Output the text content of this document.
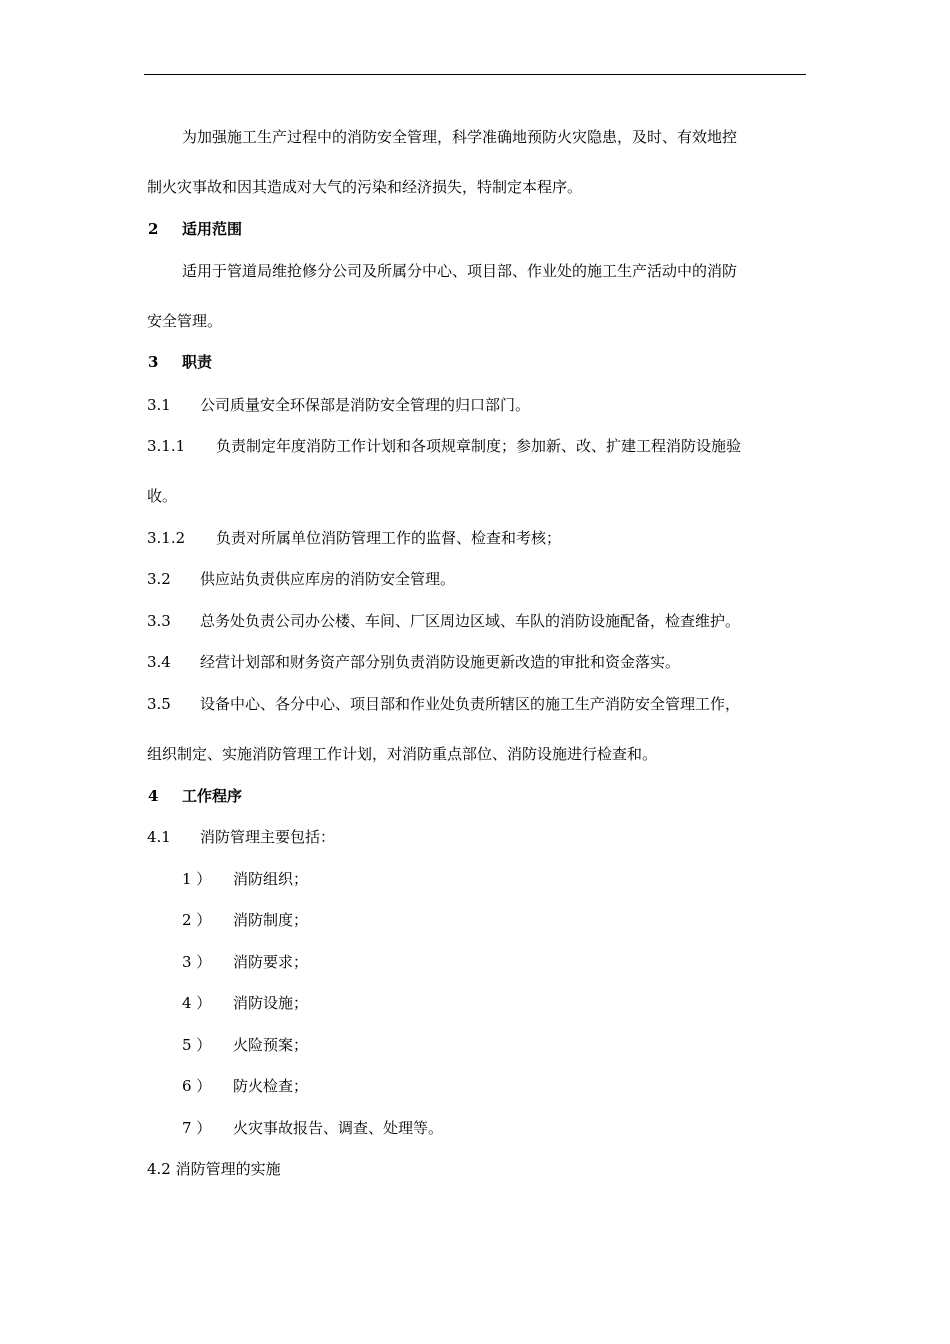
为加强施工生产过程中的消防安全管理，科学准确地预防火灾隐患，及时、有效地控
制火灾事故和因其造成对大气的污染和经济损失，特制定本程序。
2 适用范围
适用于管道局维抢修分公司及所属分中心、项目部、作业处的施工生产活动中的消防
安全管理。
3 职责
3.1 公司质量安全环保部是消防安全管理的归口部门。
3.1.1 负责制定年度消防工作计划和各项规章制度；参加新、改、扩建工程消防设施验
收。
3.1.2 负责对所属单位消防管理工作的监督、检查和考核；
3.2 供应站负责供应库房的消防安全管理。
3.3 总务处负责公司办公楼、车间、厂区周边区域、车队的消防设施配备，检查维护。
3.4 经营计划部和财务资产部分别负责消防设施更新改造的审批和资金落实。
3.5 设备中心、各分中心、项目部和作业处负责所辖区的施工生产消防安全管理工作，
组织制定、实施消防管理工作计划，对消防重点部位、消防设施进行检查和。
4 工作程序
4.1 消防管理主要包括：
1 ） 消防组织；
2 ） 消防制度；
3 ） 消防要求；
4 ） 消防设施；
5 ） 火险预案；
6 ） 防火检查；
7 ） 火灾事故报告、调查、处理等。
4.2 消防管理的实施
